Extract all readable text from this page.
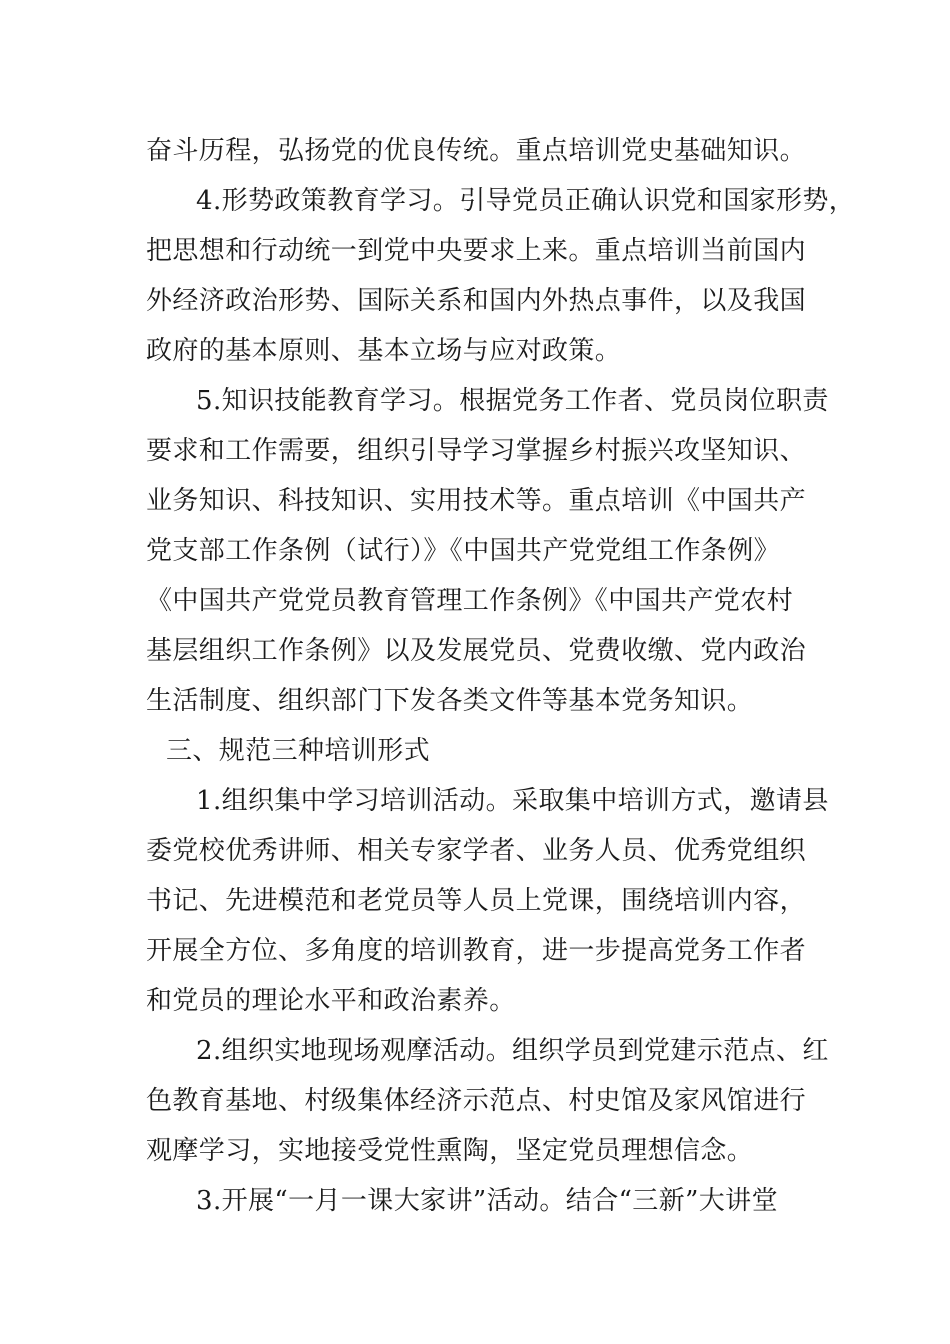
奋斗历程，弘扬党的优良传统。重点培训党史基础知识。
4.形势政策教育学习。引导党员正确认识党和国家形势，
把思想和行动统一到党中央要求上来。重点培训当前国内
外经济政治形势、国际关系和国内外热点事件，以及我国
政府的基本原则、基本立场与应对政策。
5.知识技能教育学习。根据党务工作者、党员岗位职责
要求和工作需要，组织引导学习掌握乡村振兴攻坚知识、
业务知识、科技知识、实用技术等。重点培训《中国共产
党支部工作条例（试行）》《中国共产党党组工作条例》
《中国共产党党员教育管理工作条例》《中国共产党农村
基层组织工作条例》以及发展党员、党费收缴、党内政治
生活制度、组织部门下发各类文件等基本党务知识。
三、规范三种培训形式
1.组织集中学习培训活动。采取集中培训方式，邀请县
委党校优秀讲师、相关专家学者、业务人员、优秀党组织
书记、先进模范和老党员等人员上党课，围绕培训内容，
开展全方位、多角度的培训教育，进一步提高党务工作者
和党员的理论水平和政治素养。
2.组织实地现场观摩活动。组织学员到党建示范点、红
色教育基地、村级集体经济示范点、村史馆及家风馆进行
观摩学习，实地接受党性熏陶，坚定党员理想信念。
3.开展“一月一课大家讲”活动。结合“三新”大讲堂
